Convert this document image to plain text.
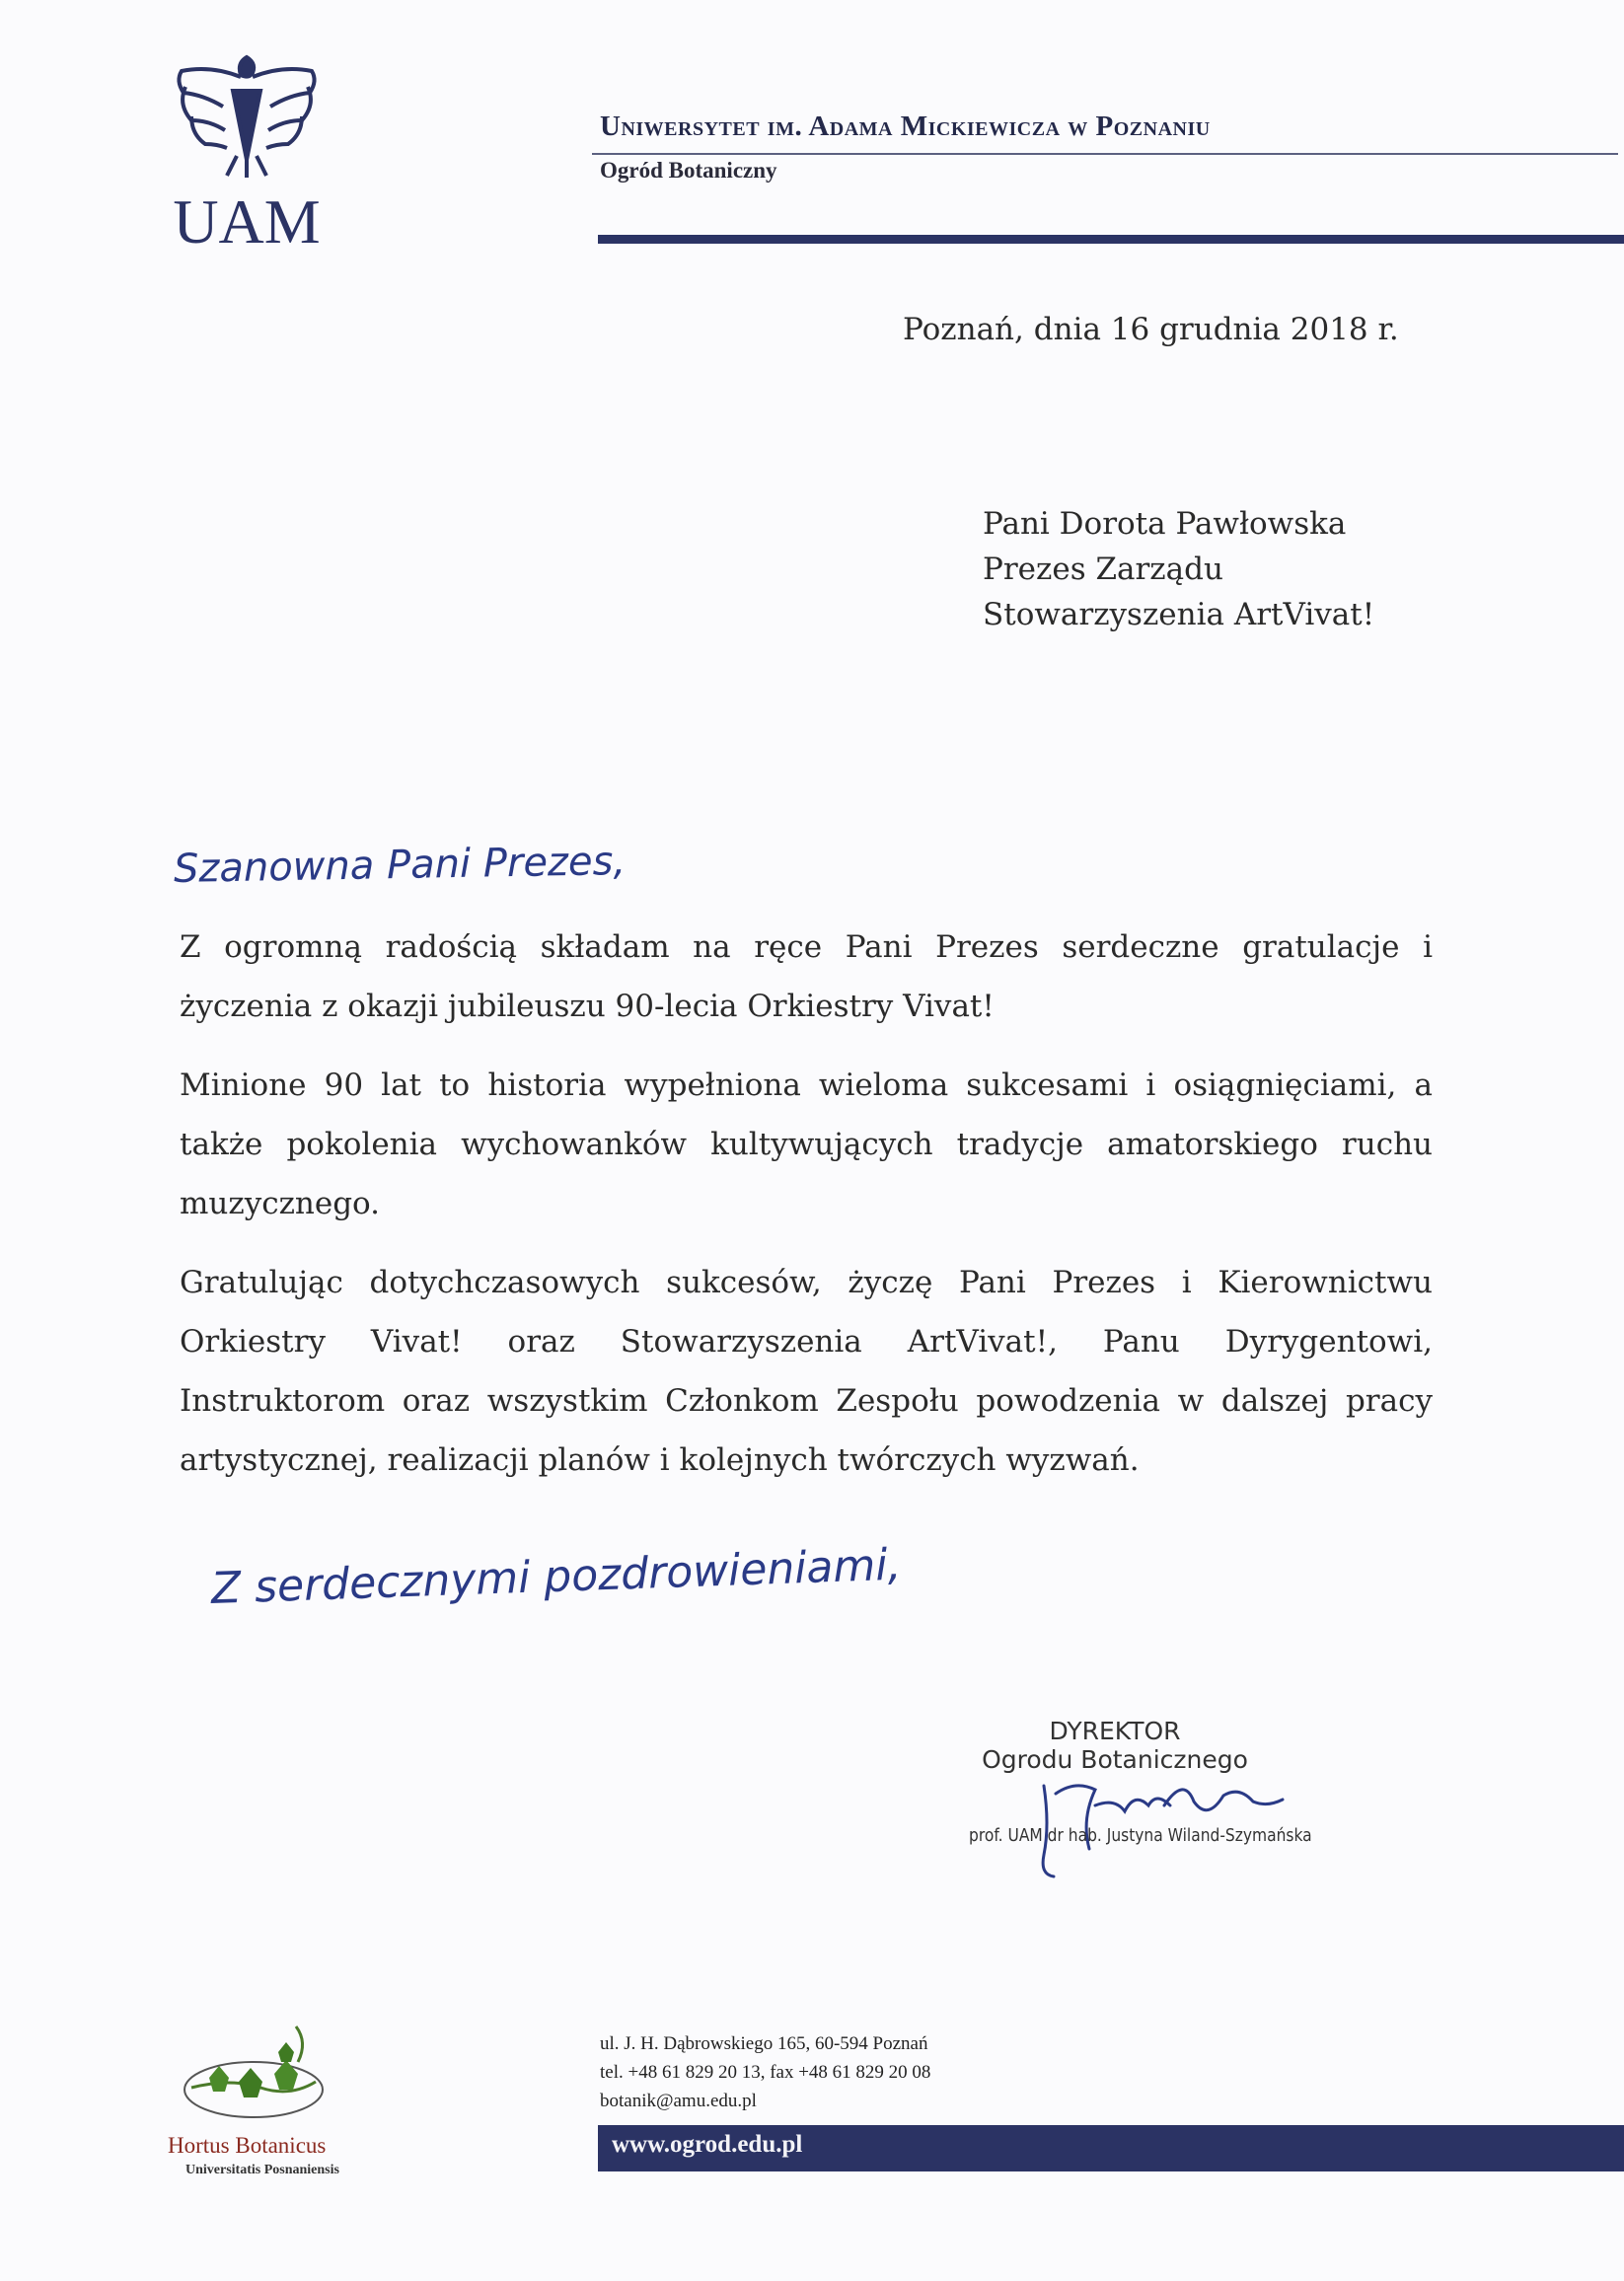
UAM
Uniwersytet im. Adama Mickiewicza w Poznaniu
Ogród Botaniczny
Poznań, dnia 16 grudnia 2018 r.
Pani Dorota Pawłowska
Prezes Zarządu
Stowarzyszenia ArtVivat!
Szanowna Pani Prezes,
Z ogromną radością składam na ręce Pani Prezes serdeczne gratulacje i życzenia z okazji jubileuszu 90-lecia Orkiestry Vivat!
Minione 90 lat to historia wypełniona wieloma sukcesami i osiągnięciami, a także pokolenia wychowanków kultywujących tradycje amatorskiego ruchu muzycznego.
Gratulując dotychczasowych sukcesów, życzę Pani Prezes i Kierownictwu Orkiestry Vivat! oraz Stowarzyszenia ArtVivat!, Panu Dyrygentowi, Instruktorom oraz wszystkim Członkom Zespołu powodzenia w dalszej pracy artystycznej, realizacji planów i kolejnych twórczych wyzwań.
Z serdecznymi pozdrowieniami,
DYREKTOR
Ogrodu Botanicznego
prof. UAM dr hab. Justyna Wiland-Szymańska
Hortus Botanicus
Universitatis Posnaniensis
ul. J. H. Dąbrowskiego 165, 60-594 Poznań
tel. +48 61 829 20 13, fax +48 61 829 20 08
botanik@amu.edu.pl
www.ogrod.edu.pl
